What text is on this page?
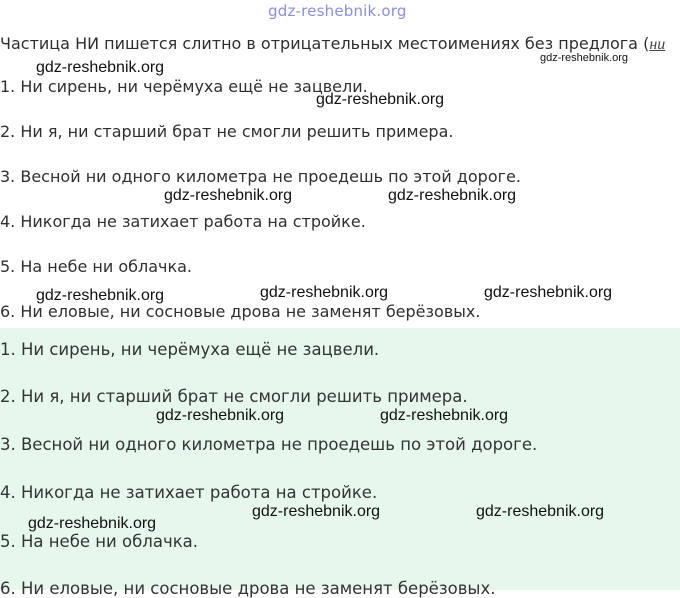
gdz-reshebnik.org
Частица НИ пишется слитно в отрицательных местоимениях без предлога (ни
1. Ни сирень, ни черёмуха ещё не зацвели.
2. Ни я, ни старший брат не смогли решить примера.
3. Весной ни одного километра не проедешь по этой дороге.
4. Никогда не затихает работа на стройке.
5. На небе ни облачка.
6. Ни еловые, ни сосновые дрова не заменят берёзовых.
1. Ни сирень, ни черёмуха ещё не зацвели.
2. Ни я, ни старший брат не смогли решить примера.
3. Весной ни одного километра не проедешь по этой дороге.
4. Никогда не затихает работа на стройке.
5. На небе ни облачка.
6. Ни еловые, ни сосновые дрова не заменят берёзовых.
gdz-reshebnik.org
gdz-reshebnik.org
gdz-reshebnik.org
gdz-reshebnik.org	gdz-reshebnik.org
gdz-reshebnik.org	gdz-reshebnik.org
gdz-reshebnik.org
gdz-reshebnik.org	gdz-reshebnik.org
gdz-reshebnik.org	gdz-reshebnik.org
gdz-reshebnik.org
